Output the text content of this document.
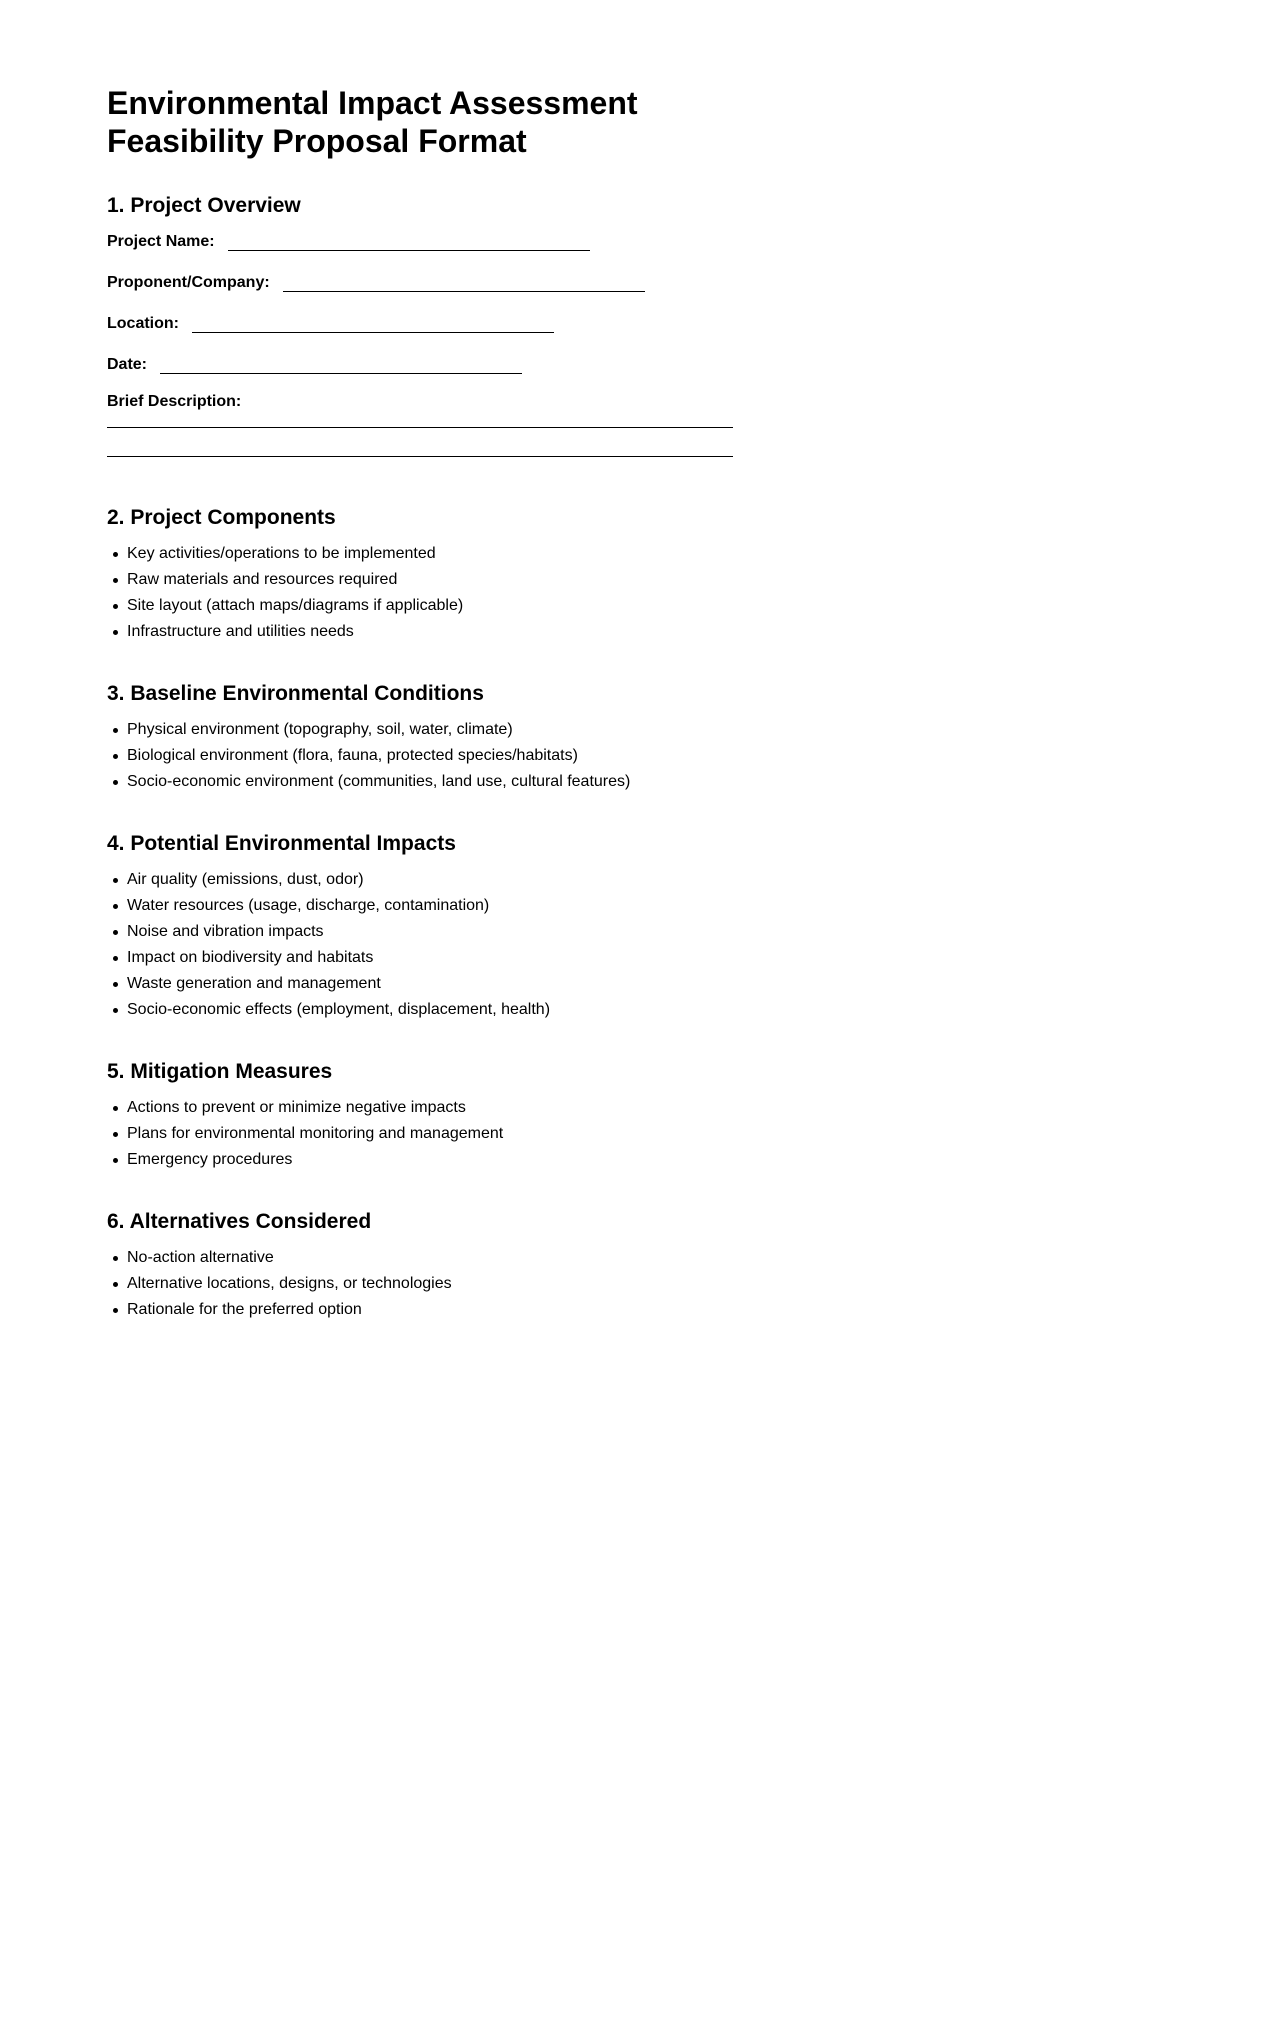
Environmental Impact Assessment Feasibility Proposal Format
1. Project Overview
Project Name:
Proponent/Company:
Location:
Date:
Brief Description:
2. Project Components
Key activities/operations to be implemented
Raw materials and resources required
Site layout (attach maps/diagrams if applicable)
Infrastructure and utilities needs
3. Baseline Environmental Conditions
Physical environment (topography, soil, water, climate)
Biological environment (flora, fauna, protected species/habitats)
Socio-economic environment (communities, land use, cultural features)
4. Potential Environmental Impacts
Air quality (emissions, dust, odor)
Water resources (usage, discharge, contamination)
Noise and vibration impacts
Impact on biodiversity and habitats
Waste generation and management
Socio-economic effects (employment, displacement, health)
5. Mitigation Measures
Actions to prevent or minimize negative impacts
Plans for environmental monitoring and management
Emergency procedures
6. Alternatives Considered
No-action alternative
Alternative locations, designs, or technologies
Rationale for the preferred option
